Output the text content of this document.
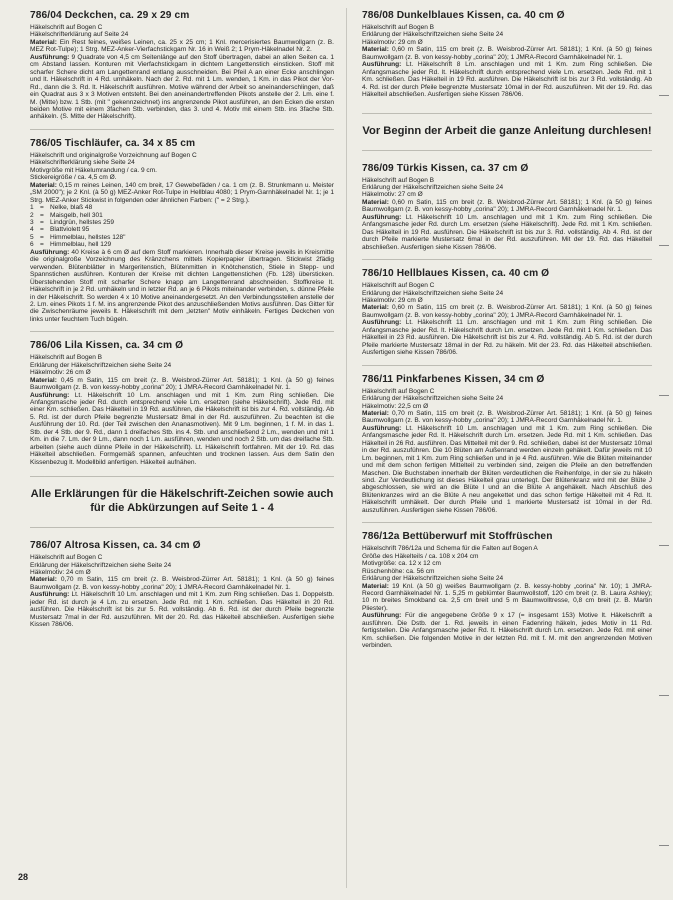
786/04 Deckchen, ca. 29 x 29 cm

Häkelschrift auf Bogen C
Häkelschrifterklärung auf Seite 24
Material: Ein Rest feines, weißes Leinen, ca. 25 x 25 cm; 1 Knl. mercerisiertes Baumwollgarn (z. B. MEZ Rot-Tulpe); 1 Strg. MEZ-Anker-Vierfachstickgarn Nr. 16 in Weiß 2; 1 Prym-Häkelnadel Nr. 2.
Ausführung: 9 Quadrate von 4,5 cm Seitenlänge auf den Stoff übertragen, dabei an allen Seiten ca. 1 cm Abstand lassen. Konturen mit Vierfachstickgarn in dichtem Langettenstich einsticken. Stoff mit scharfer Schere dicht am Langettenrand entlang ausschneiden. Bei Pfeil A an einer Ecke anschlingen und lt. Häkelschrift in 4 Rd. umhäkeln. Nach der 2. Rd. mit 1 Lm. wenden, 1 Km. in das Pikot der Vor-Rd., dann die 3. Rd. lt. Häkelschrift ausführen. Motive während der Arbeit so aneinanderschlingen, daß ein Quadrat aus 3 x 3 Motiven entsteht. Bei den aneinandertreffenden Pikots anstelle der 2. Lm. eine f. M. (Mitte) bzw. 1 Stb. (mit " gekennzeichnet) ins angrenzende Pikot ausführen, an den Ecken die ersten beiden Motive mit einem 3fachen Stb. verbinden, das 3. und 4. Motiv mit einem Stb. ins 3fache Stb. anhäkeln. (S. Mitte der Häkelschrift).

786/05 Tischläufer, ca. 34 x 85 cm

Häkelschrift und originalgroße Vorzeichnung auf Bogen C
Häkelschrifterklärung siehe Seite 24
Motivgröße mit Häkelumrandung / ca. 9 cm.
Stickereigröße / ca. 4,5 cm Ø.
Material: 0,15 m reines Leinen, 140 cm breit, 17 Gewebefäden / ca. 1 cm (z. B. Strunkmann u. Meister „SM 2000"); je 2 Knl. (à 50 g) MEZ-Anker Rot-Tulpe in Hellblau 4080; 1 Prym-Garnhäkelnadel Nr. 1; je 1 Strg. MEZ-Anker Stickwist in folgenden oder ähnlichen Farben: (" = 2 Strg.).

1 = Nelke, blaß 48
2 = Maisgelb, hell 301
3 = Lindgrün, hellstes 259
4 = Blattviolett 95
5 = Himmelblau, hellstes 128"
6 = Himmelblau, hell 129

Ausführung: 40 Kreise à 6 cm Ø auf dem Stoff markieren. Innerhalb dieser Kreise jeweils in Kreismitte die originalgroße Vorzeichnung des Kränzchens mittels Kopierpapier übertragen. Stickwist 2fädig verwenden. Blütenblätter in Margeritenstich, Blütenmitten in Knötchenstich, Stiele in Stepp- und Spannstichen ausführen. Konturen der Kreise mit dichten Langettenstichen (Fb. 128) übersticken. Überstehenden Stoff mit scharfer Schere knapp am Langettenrand abschneiden. Stoffkreise lt. Häkelschrift in je 2 Rd. umhäkeln und in letzter Rd. an je 6 Pikots miteinander verbinden, s. dünne Pfeile in der Häkelschrift. So werden 4 x 10 Motive aneinandergesetzt. An den Verbindungsstellen anstelle der 2. Lm. eines Pikots 1 f. M. ins angrenzende Pikot des anzuschließenden Motivs ausführen. Das Gitter für die Zwischenräume jeweils lt. Häkelschrift mit dem „letzten" Motiv einhäkeln. Fertiges Deckchen von links unter feuchtem Tuch bügeln.

786/06 Lila Kissen, ca. 34 cm Ø

Häkelschrift auf Bogen B
Erklärung der Häkelschriftzeichen siehe Seite 24
Häkelmotiv: 26 cm Ø
Material: 0,45 m Satin, 115 cm breit (z. B. Weisbrod-Zürrer Art. 58181); 1 Knl. (à 50 g) feines Baumwollgarn (z. B. von kessy-hobby „corina" 20); 1 JMRA-Record Garnhäkelnadel Nr. 1.
Ausführung: Lt. Häkelschrift 10 Lm. anschlagen und mit 1 Km. zum Ring schließen. Die Anfangsmasche jeder Rd. durch entsprechend viele Lm. ersetzen (siehe Häkelschrift). Jede Rd. mit einer Km. schließen. Das Häkelteil in 19 Rd. ausführen, die Häkelschrift ist bis zur 4. Rd. vollständig. Ab 5. Rd. ist der durch Pfeile begrenzte Mustersatz 8mal in der Rd. auszuführen. Zu beachten ist die Ausführung der 10. Rd. (der Teil zwischen den Ananasmotiven). Mit 9 Lm. beginnen, 1 f. M. in das 1. Stb. der 4 Stb. der 9. Rd., dann 1 dreifaches Stb. ins 4. Stb. und anschließend 2 Lm., wenden und mit 1 Km. in die 7. Lm. der 9 Lm., dann noch 1 Lm. ausführen, wenden und noch 2 Stb. um das dreifache Stb. arbeiten (siehe auch dünne Pfeile in der Häkelschrift). Lt. Häkelschrift fortfahren. Mit der 19. Rd. das Häkelteil abschließen. Formgemäß spannen, anfeuchten und trocknen lassen. Aus dem Satin den Kissenbezug lt. Modellbild anfertigen. Häkelteil aufnähen.

Alle Erklärungen für die Häkelschrift-Zeichen sowie auch für die Abkürzungen auf Seite 1 - 4
786/07 Altrosa Kissen, ca. 34 cm Ø

Häkelschrift auf Bogen C
Erklärung der Häkelschriftzeichen siehe Seite 24
Häkelmotiv: 24 cm Ø
Material: 0,70 m Satin, 115 cm breit (z. B. Weisbrod-Zürrer Art. 58181); 1 Knl. (à 50 g) feines Baumwollgarn (z. B. von kessy-hobby „corina" 20); 1 JMRA-Record Garnhäkelnadel Nr. 1.
Ausführung: Lt. Häkelschrift 10 Lm. anschlagen und mit 1 Km. zum Ring schließen. Das 1. Doppelstb. jeder Rd. ist durch je 4 Lm. zu ersetzen. Jede Rd. mit 1 Km. schließen. Das Häkelteil in 20 Rd. ausführen. Die Häkelschrift ist bis zur 5. Rd. vollständig. Ab 6. Rd. ist der durch Pfeile begrenzte Mustersatz 7mal in der Rd. auszuführen. Mit der 20. Rd. das Häkelteil abschließen. Ausfertigen siehe Kissen 786/06.

786/08 Dunkelblaues Kissen, ca. 40 cm Ø

Häkelschrift auf Bogen B
Erklärung der Häkelschriftzeichen siehe Seite 24
Häkelmotiv: 29 cm Ø
Material: 0,60 m Satin, 115 cm breit (z. B. Weisbrod-Zürrer Art. 58181); 1 Knl. (à 50 g) feines Baumwollgarn (z. B. von kessy-hobby „corina" 20); 1 JMRA-Record Garnhäkelnadel Nr. 1.
Ausführung: Lt. Häkelschrift 8 Lm. anschlagen und mit 1 Km. zum Ring schließen. Die Anfangsmasche jeder Rd. lt. Häkelschrift durch entsprechend viele Lm. ersetzen. Jede Rd. mit 1 Km. schließen. Das Häkelteil in 19 Rd. ausführen. Die Häkelschrift ist bis zur 3 Rd. vollständig. Ab 4. Rd. ist der durch Pfeile begrenzte Mustersatz 10mal in der Rd. auszuführen. Mit der 19. Rd. das Häkelteil abschließen. Ausfertigen siehe Kissen 786/06.

Vor Beginn der Arbeit die ganze Anleitung durchlesen!
786/09 Türkis Kissen, ca. 37 cm Ø

Häkelschrift auf Bogen B
Erklärung der Häkelschriftzeichen siehe Seite 24
Häkelmotiv: 27 cm Ø
Material: 0,60 m Satin, 115 cm breit (z. B. Weisbrod-Zürrer Art. 58181); 1 Knl. (à 50 g) feines Baumwollgarn (z. B. von kessy-hobby „corina" 20); 1 JMRA-Record Garnhäkelnadel Nr. 1.
Ausführung: Lt. Häkelschrift 10 Lm. anschlagen und mit 1 Km. zum Ring schließen. Die Anfangsmasche jeder Rd. durch Lm. ersetzen (siehe Häkelschrift). Jede Rd. mit 1 Km. schließen. Das Häkelteil in 19 Rd. ausführen. Die Häkelschrift ist bis zur 3. Rd. vollständig. Ab 4. Rd. ist der durch Pfeile markierte Mustersatz 6mal in der Rd. auszuführen. Mit der 19. Rd. das Häkelteil abschließen. Ausfertigen siehe Kissen 786/06.

786/10 Hellblaues Kissen, ca. 40 cm Ø

Häkelschrift auf Bogen C
Erklärung der Häkelschriftzeichen siehe Seite 24
Häkelmotiv: 29 cm Ø
Material: 0,60 m Satin, 115 cm breit (z. B. Weisbrod-Zürrer Art. 58181); 1 Knl. (à 50 g) feines Baumwollgarn (z. B. von kessy-hobby „corina" 20); 1 JMRA-Record Garnhäkelnadel Nr. 1.
Ausführung: Lt. Häkelschrift 11 Lm. anschlagen und mit 1 Km. zum Ring schließen. Die Anfangsmasche jeder Rd. lt. Häkelschrift durch Lm. ersetzen. Jede Rd. mit 1 Km. schließen. Das Häkelteil in 23 Rd. ausführen. Die Häkelschrift ist bis zur 4. Rd. vollständig. Ab 5. Rd. ist der durch Pfeile markierte Mustersatz 18mal in der Rd. zu häkeln. Mit der 23. Rd. das Häkelteil abschließen. Ausfertigen siehe Kissen 786/06.

786/11 Pinkfarbenes Kissen, 34 cm Ø

Häkelschrift auf Bogen C
Erklärung der Häkelschriftzeichen siehe Seite 24
Häkelmotiv: 22,5 cm Ø
Material: 0,70 m Satin, 115 cm breit (z. B. Weisbrod-Zürrer Art. 58181); 1 Knl. (à 50 g) feines Baumwollgarn (z. B. von kessy-hobby „corina" 20); 1 JMRA-Record Garnhäkelnadel Nr. 1.
Ausführung: Lt. Häkelschrift 10 Lm. anschlagen und mit 1 Km. zum Ring schließen. Die Anfangsmasche jeder Rd. lt. Häkelschrift durch Lm. ersetzen. Jede Rd. mit 1 Km. schließen. Das Häkelteil in 26 Rd. ausführen. Das Mittelteil mit der 9. Rd. schließen, dabei ist der Mustersatz 10mal in der Rd. auszuführen. Die 10 Blüten am Außenrand werden einzeln gehäkelt. Dafür jeweils mit 10 Lm. beginnen, mit 1 Km. zum Ring schließen und in je 4 Rd. ausführen. Wie die Blüten miteinander und mit dem schon fertigen Mittelteil zu verbinden sind, zeigen die Pfeile an den betreffenden Maschen. Die Buchstaben innerhalb der Blüten verdeutlichen die Reihenfolge, in der sie zu häkeln sind. Zur Verdeutlichung ist dieses Häkelteil grau unterlegt. Der Blütenkranz wird mit der Blüte J abgeschlossen, sie wird an die Blüte I und an die Blüte A angehäkelt. Nach Abschluß des Blütenkranzes wird an die Blüte A neu angekettet und das schon fertige Häkelteil mit 4 Rd. lt. Häkelschrift umhäkelt. Der durch Pfeile und 1 markierte Mustersatz ist 10mal in der Rd. auszuführen. Ausfertigen siehe Kissen 786/06.

786/12a Bettüberwurf mit Stoffrüschen

Häkelschrift 786/12a und Schema für die Falten auf Bogen A
Größe des Häkelteils / ca. 108 x 204 cm
Motivgröße: ca. 12 x 12 cm
Rüschenhöhe: ca. 56 cm
Erklärung der Häkelschriftzeichen siehe Seite 24
Material: 19 Knl. (à 50 g) weißes Baumwollgarn (z. B. kessy-hobby „corina" Nr. 10); 1 JMRA-Record Garnhäkelnadel Nr. 1. 5,25 m geblümter Baumwollstoff, 120 cm breit (z. B. Laura Ashley); 10 m breites Smokband ca. 2,5 cm breit und 5 m Baumwolltresse, 0,8 cm breit (z. B. Martin Pliester).
Ausführung: Für die angegebene Größe 9 x 17 (= insgesamt 153) Motive lt. Häkelschrift a ausführen. Die Dstb. der 1. Rd. jeweils in einen Fadenring häkeln, jedes Motiv in 11 Rd. fertigstellen. Die Anfangsmasche jeder Rd. lt. Häkelschrift durch Lm. ersetzen. Jede Rd. mit einer Km. schließen. Die folgenden Motive in der letzten Rd. mit f. M. mit den angrenzenden Motiven verbinden.

28
